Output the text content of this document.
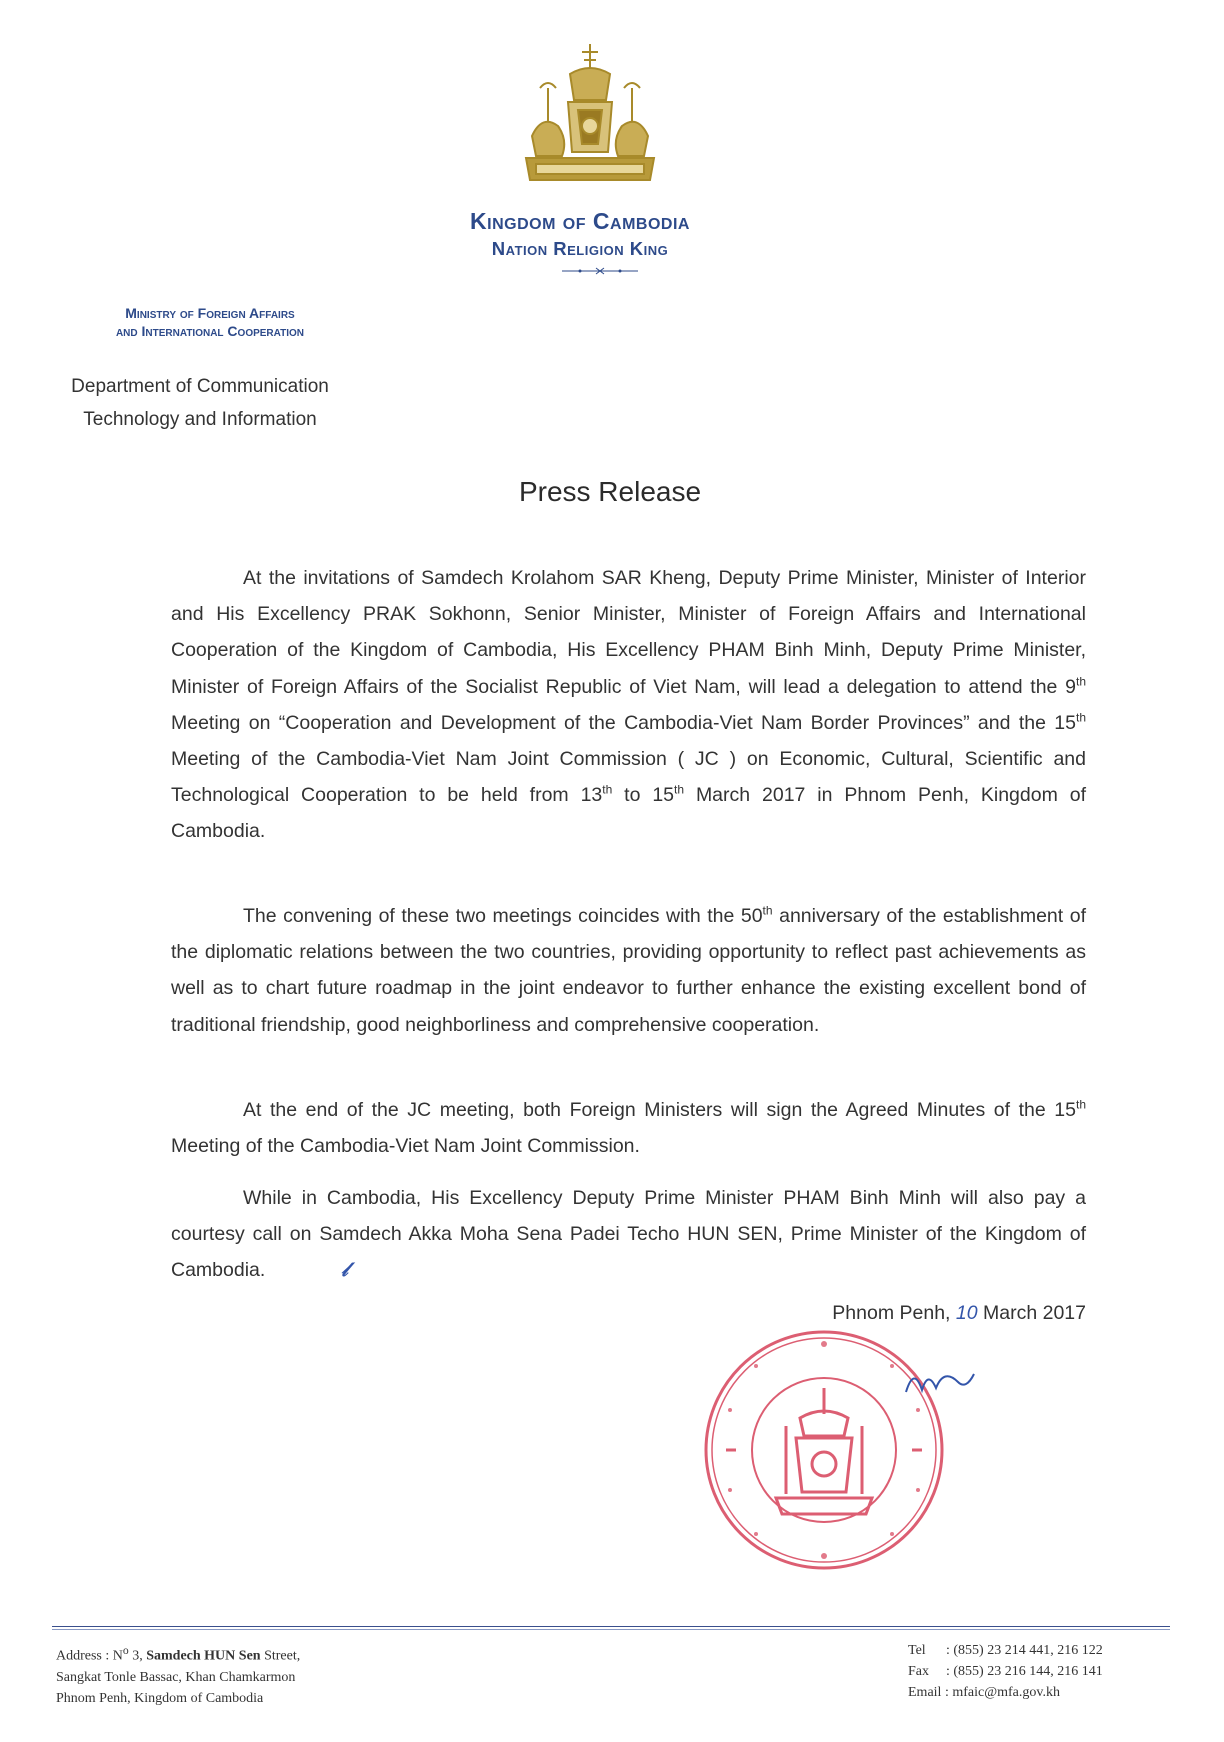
Kingdom of Cambodia
Nation Religion King
Ministry of Foreign Affairs
and International Cooperation
Department of Communication
Technology and Information
Press Release

At the invitations of Samdech Krolahom SAR Kheng, Deputy Prime Minister, Minister of Interior and His Excellency PRAK Sokhonn, Senior Minister, Minister of Foreign Affairs and International Cooperation of the Kingdom of Cambodia, His Excellency PHAM Binh Minh, Deputy Prime Minister, Minister of Foreign Affairs of the Socialist Republic of Viet Nam, will lead a delegation to attend the 9th Meeting on “Cooperation and Development of the Cambodia-Viet Nam Border Provinces” and the 15th Meeting of the Cambodia-Viet Nam Joint Commission ( JC ) on Economic, Cultural, Scientific and Technological Cooperation to be held from 13th to 15th March 2017 in Phnom Penh, Kingdom of Cambodia.

The convening of these two meetings coincides with the 50th anniversary of the establishment of the diplomatic relations between the two countries, providing opportunity to reflect past achievements as well as to chart future roadmap in the joint endeavor to further enhance the existing excellent bond of traditional friendship, good neighborliness and comprehensive cooperation.

At the end of the JC meeting, both Foreign Ministers will sign the Agreed Minutes of the 15th Meeting of the Cambodia-Viet Nam Joint Commission.

While in Cambodia, His Excellency Deputy Prime Minister PHAM Binh Minh will also pay a courtesy call on Samdech Akka Moha Sena Padei Techo HUN SEN, Prime Minister of the Kingdom of Cambodia.	𝓁

Phnom Penh, 10 March 2017
Address : $N^o$ 3, Samdech HUN Sen Street,
Sangkat Tonle Bassac, Khan Chamkarmon
Phnom Penh, Kingdom of Cambodia
Tel : (855) 23 214 441, 216 122
Fax : (855) 23 216 144, 216 141
Email : mfaic@mfa.gov.kh
